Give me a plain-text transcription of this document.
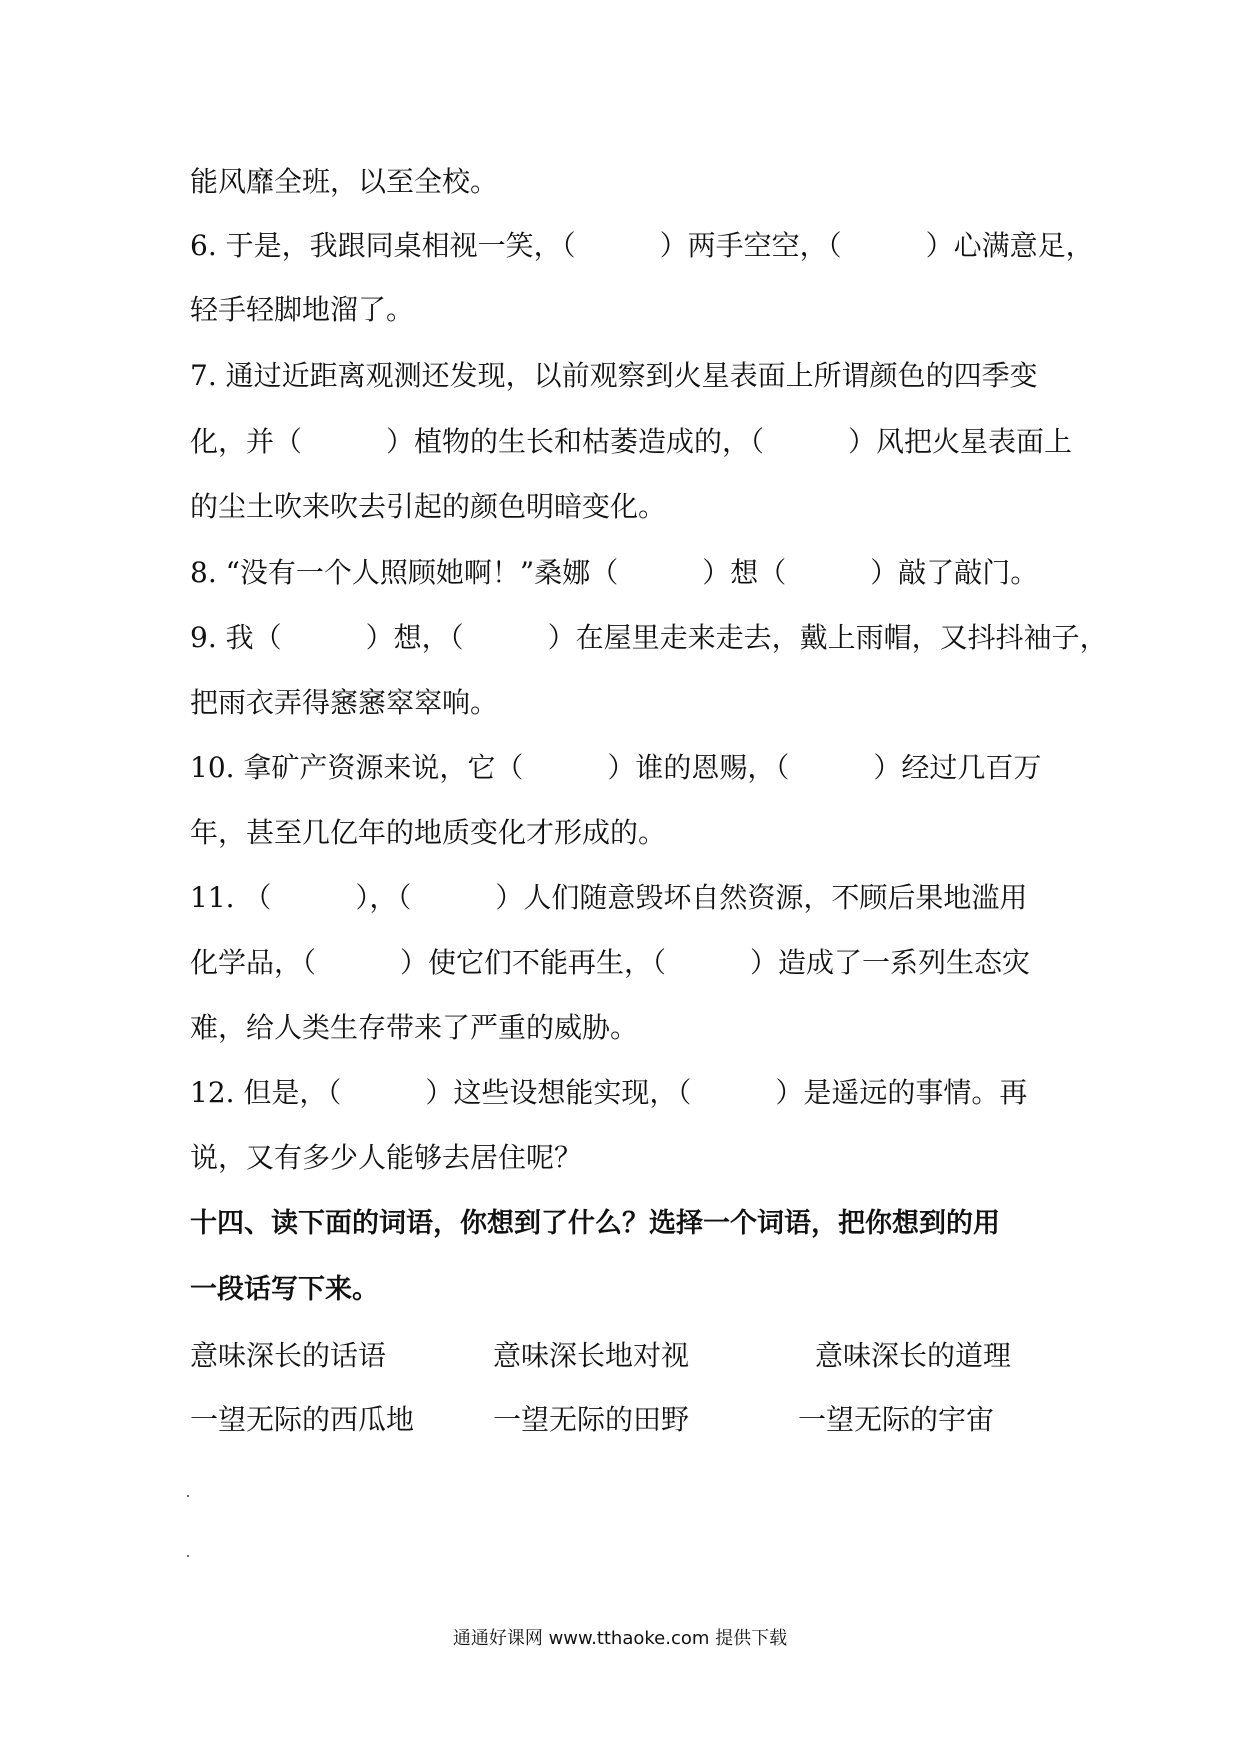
能风靡全班，以至全校。
6. 于是，我跟同桌相视一笑，（　　　）两手空空，（　　　）心满意足，
轻手轻脚地溜了。
7. 通过近距离观测还发现，以前观察到火星表面上所谓颜色的四季变
化，并（　　　）植物的生长和枯萎造成的，（　　　）风把火星表面上
的尘土吹来吹去引起的颜色明暗变化。
8. “没有一个人照顾她啊！”桑娜（　　　）想（　　　）敲了敲门。
9. 我（　　　）想，（　　　）在屋里走来走去，戴上雨帽，又抖抖袖子，
把雨衣弄得窸窸窣窣响。
10. 拿矿产资源来说，它（　　　）谁的恩赐，（　　　）经过几百万
年，甚至几亿年的地质变化才形成的。
11. （　　　），（　　　）人们随意毁坏自然资源，不顾后果地滥用
化学品，（　　　）使它们不能再生，（　　　）造成了一系列生态灾
难，给人类生存带来了严重的威胁。
12. 但是，（　　　）这些设想能实现，（　　　）是遥远的事情。再
说，又有多少人能够去居住呢？
十四、读下面的词语，你想到了什么？选择一个词语，把你想到的用
一段话写下来。
意味深长的话语	意味深长地对视	意味深长的道理
一望无际的西瓜地	一望无际的田野	一望无际的宇宙
通通好课网 www.tthaoke.com 提供下载
